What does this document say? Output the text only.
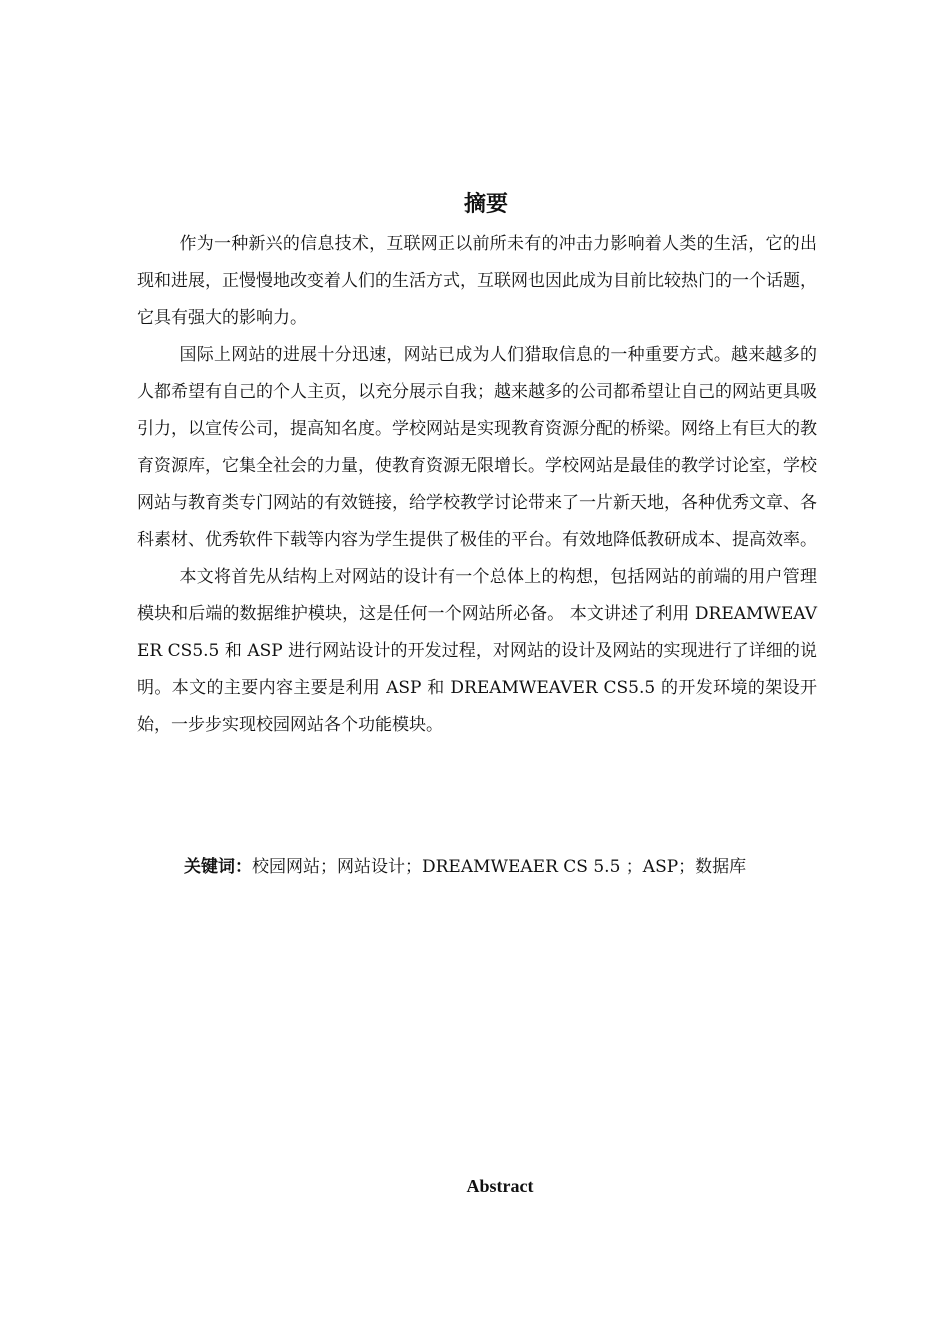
摘要

作为一种新兴的信息技术，互联网正以前所未有的冲击力影响着人类的生活，它的出现和进展，正慢慢地改变着人们的生活方式，互联网也因此成为目前比较热门的一个话题，它具有强大的影响力。

国际上网站的进展十分迅速，网站已成为人们猎取信息的一种重要方式。越来越多的人都希望有自己的个人主页，以充分展示自我；越来越多的公司都希望让自己的网站更具吸引力，以宣传公司，提高知名度。学校网站是实现教育资源分配的桥梁。网络上有巨大的教育资源库，它集全社会的力量，使教育资源无限增长。学校网站是最佳的教学讨论室，学校网站与教育类专门网站的有效链接，给学校教学讨论带来了一片新天地，各种优秀文章、各科素材、优秀软件下载等内容为学生提供了极佳的平台。有效地降低教研成本、提高效率。

本文将首先从结构上对网站的设计有一个总体上的构想，包括网站的前端的用户管理模块和后端的数据维护模块，这是任何一个网站所必备。 本文讲述了利用 DREAMWEAVER CS5.5 和 ASP 进行网站设计的开发过程，对网站的设计及网站的实现进行了详细的说明。本文的主要内容主要是利用 ASP 和 DREAMWEAVER CS5.5 的开发环境的架设开始，一步步实现校园网站各个功能模块。

关键词：校园网站；网站设计；DREAMWEAER CS 5.5 ；ASP；数据库

Abstract
